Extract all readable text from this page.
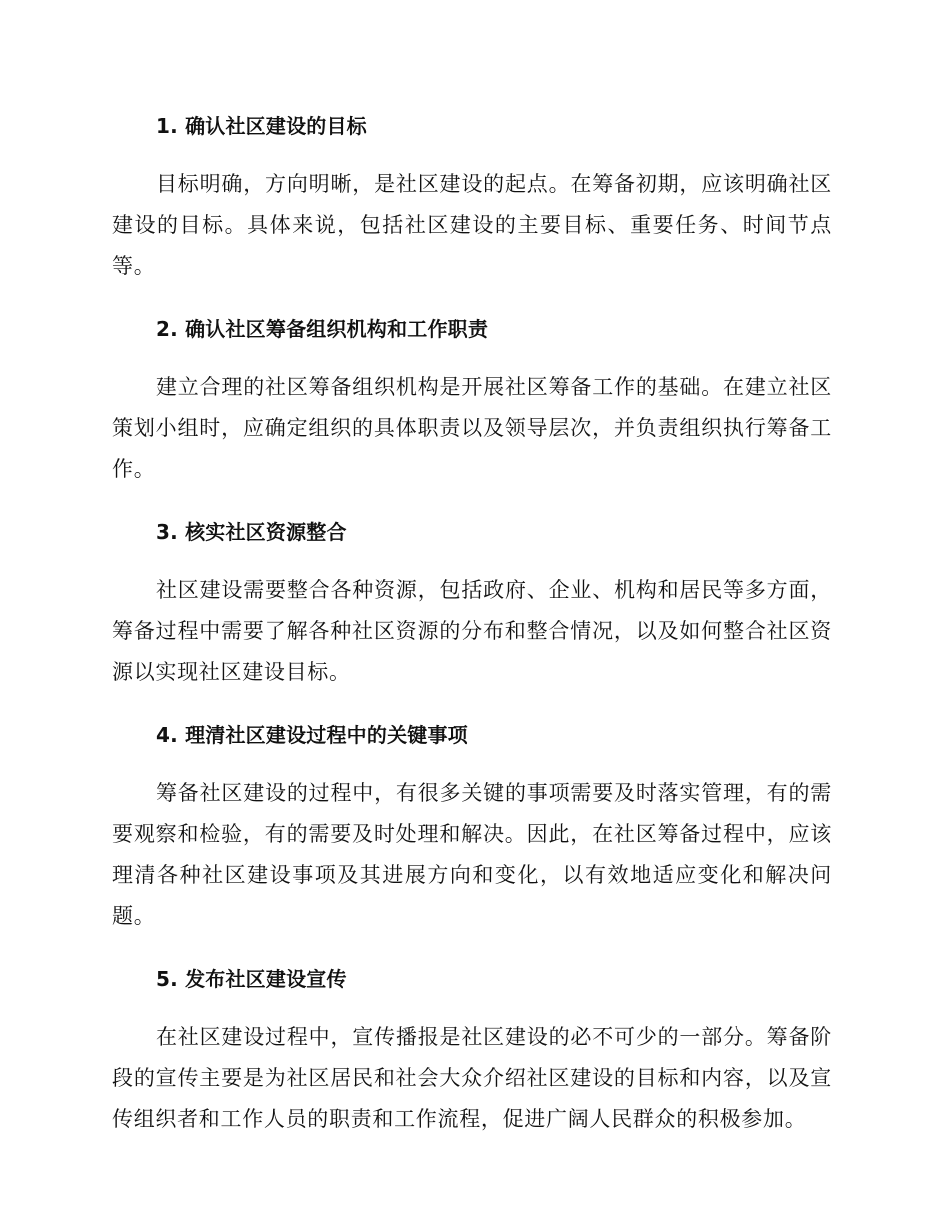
1. 确认社区建设的目标

目标明确，方向明晰，是社区建设的起点。在筹备初期，应该明确社区建设的目标。具体来说，包括社区建设的主要目标、重要任务、时间节点等。

2. 确认社区筹备组织机构和工作职责

建立合理的社区筹备组织机构是开展社区筹备工作的基础。在建立社区策划小组时，应确定组织的具体职责以及领导层次，并负责组织执行筹备工作。

3. 核实社区资源整合

社区建设需要整合各种资源，包括政府、企业、机构和居民等多方面，筹备过程中需要了解各种社区资源的分布和整合情况，以及如何整合社区资源以实现社区建设目标。

4. 理清社区建设过程中的关键事项

筹备社区建设的过程中，有很多关键的事项需要及时落实管理，有的需要观察和检验，有的需要及时处理和解决。因此，在社区筹备过程中，应该理清各种社区建设事项及其进展方向和变化，以有效地适应变化和解决问题。

5. 发布社区建设宣传

在社区建设过程中，宣传播报是社区建设的必不可少的一部分。筹备阶段的宣传主要是为社区居民和社会大众介绍社区建设的目标和内容，以及宣传组织者和工作人员的职责和工作流程，促进广阔人民群众的积极参加。
